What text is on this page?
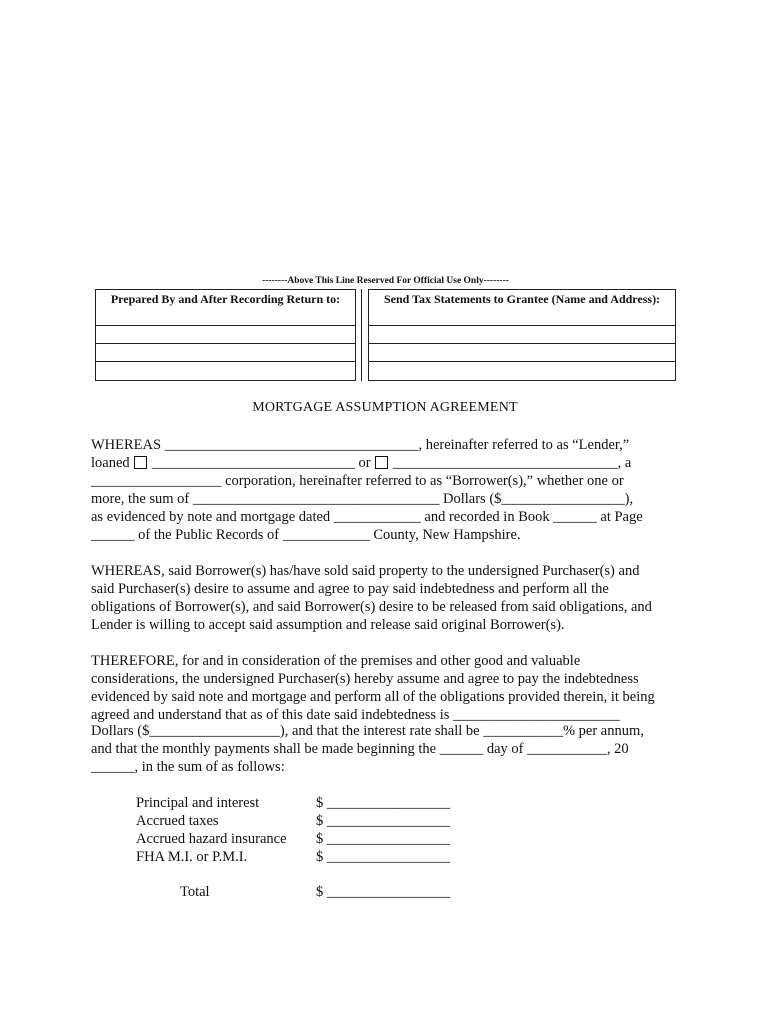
--------Above This Line Reserved For Official Use Only--------
Prepared By and After Recording Return to:	Send Tax Statements to Grantee (Name and Address):
MORTGAGE ASSUMPTION AGREEMENT
WHEREAS ___________________________________, hereinafter referred to as “Lender,”
loaned  ____________________________ or  _______________________________, a
__________________ corporation, hereinafter referred to as “Borrower(s),” whether one or
more, the sum of __________________________________ Dollars ($_________________),
as evidenced by note and mortgage dated ____________ and recorded in Book ______ at Page
______ of the Public Records of ____________ County, New Hampshire.
WHEREAS, said Borrower(s) has/have sold said property to the undersigned Purchaser(s) and
said Purchaser(s) desire to assume and agree to pay said indebtedness and perform all the
obligations of Borrower(s), and said Borrower(s) desire to be released from said obligations, and
Lender is willing to accept said assumption and release said original Borrower(s).
THEREFORE, for and in consideration of the premises and other good and valuable
considerations, the undersigned Purchaser(s) hereby assume and agree to pay the indebtedness
evidenced by said note and mortgage and perform all of the obligations provided therein, it being
agreed and understand that as of this date said indebtedness is _______________________
Dollars ($__________________), and that the interest rate shall be ___________% per annum,
and that the monthly payments shall be made beginning the ______ day of ___________, 20
______, in the sum of as follows:
Principal and interest	$ _________________
Accrued taxes	$ _________________
Accrued hazard insurance $ _________________
FHA M.I. or P.M.I.	$ _________________
Total	$ _________________
